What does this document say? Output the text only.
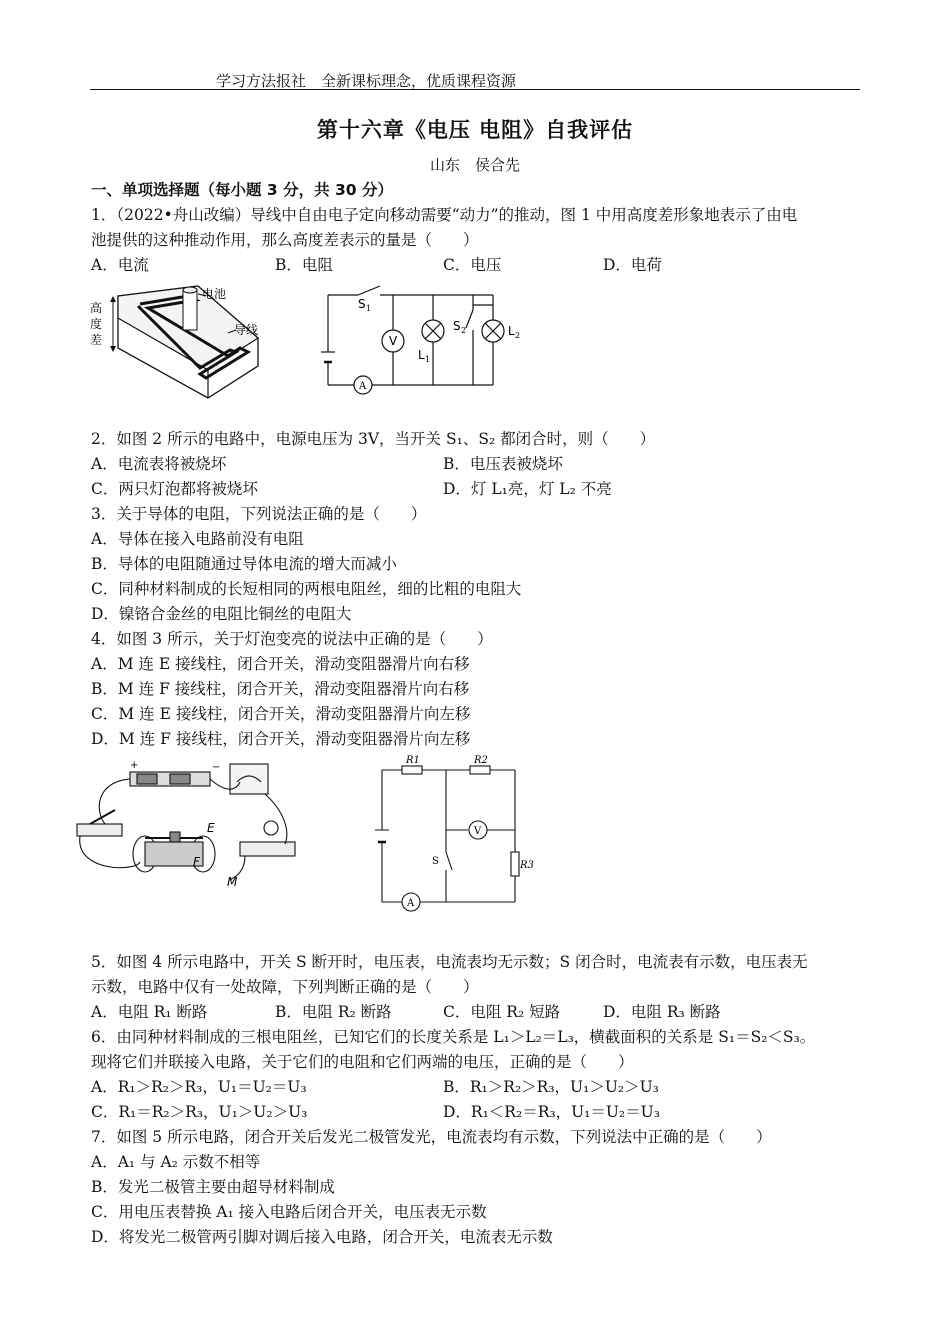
学习方法报社　全新课标理念，优质课程资源
第十六章《电压 电阻》自我评估
山东　侯合先
一、单项选择题（每小题 3 分，共 30 分）
1．（2022•舟山改编）导线中自由电子定向移动需要“动力”的推动，图 1 中用高度差形象地表示了由电
池提供的这种推动作用，那么高度差表示的量是（　　）
A．电流	B．电阻	C．电压	D．电荷
高
度
差
电池
导线
S 1
S 2
V
L 1
L 2
A
2．如图 2 所示的电路中，电源电压为 3V，当开关 S₁、S₂ 都闭合时，则（　　）
A．电流表将被烧坏	B．电压表被烧坏
C．两只灯泡都将被烧坏	D．灯 L₁亮，灯 L₂ 不亮
3．关于导体的电阻，下列说法正确的是（　　）
A．导体在接入电路前没有电阻
B．导体的电阻随通过导体电流的增大而减小
C．同种材料制成的长短相同的两根电阻丝，细的比粗的电阻大
D．镍铬合金丝的电阻比铜丝的电阻大
4．如图 3 所示，关于灯泡变亮的说法中正确的是（　　）
A．M 连 E 接线柱，闭合开关，滑动变阻器滑片向右移
B．M 连 F 接线柱，闭合开关，滑动变阻器滑片向右移
C．M 连 E 接线柱，闭合开关，滑动变阻器滑片向左移
D．M 连 F 接线柱，闭合开关，滑动变阻器滑片向左移
+	−
E
F
M
R1	R2
R3
S
V
A
5．如图 4 所示电路中，开关 S 断开时，电压表，电流表均无示数；S 闭合时，电流表有示数，电压表无
示数，电路中仅有一处故障，下列判断正确的是（　　）
A．电阻 R₁ 断路	B．电阻 R₂ 断路	C．电阻 R₂ 短路	D．电阻 R₃ 断路
6．由同种材料制成的三根电阻丝，已知它们的长度关系是 L₁＞L₂＝L₃，横截面积的关系是 S₁＝S₂＜S₃。
现将它们并联接入电路，关于它们的电阻和它们两端的电压，正确的是（　　）
A．R₁＞R₂＞R₃，U₁＝U₂＝U₃	B．R₁＞R₂＞R₃，U₁＞U₂＞U₃
C．R₁＝R₂＞R₃，U₁＞U₂＞U₃	D．R₁＜R₂＝R₃，U₁＝U₂＝U₃
7．如图 5 所示电路，闭合开关后发光二极管发光，电流表均有示数，下列说法中正确的是（　　）
A．A₁ 与 A₂ 示数不相等
B．发光二极管主要由超导材料制成
C．用电压表替换 A₁ 接入电路后闭合开关，电压表无示数
D．将发光二极管两引脚对调后接入电路，闭合开关，电流表无示数
